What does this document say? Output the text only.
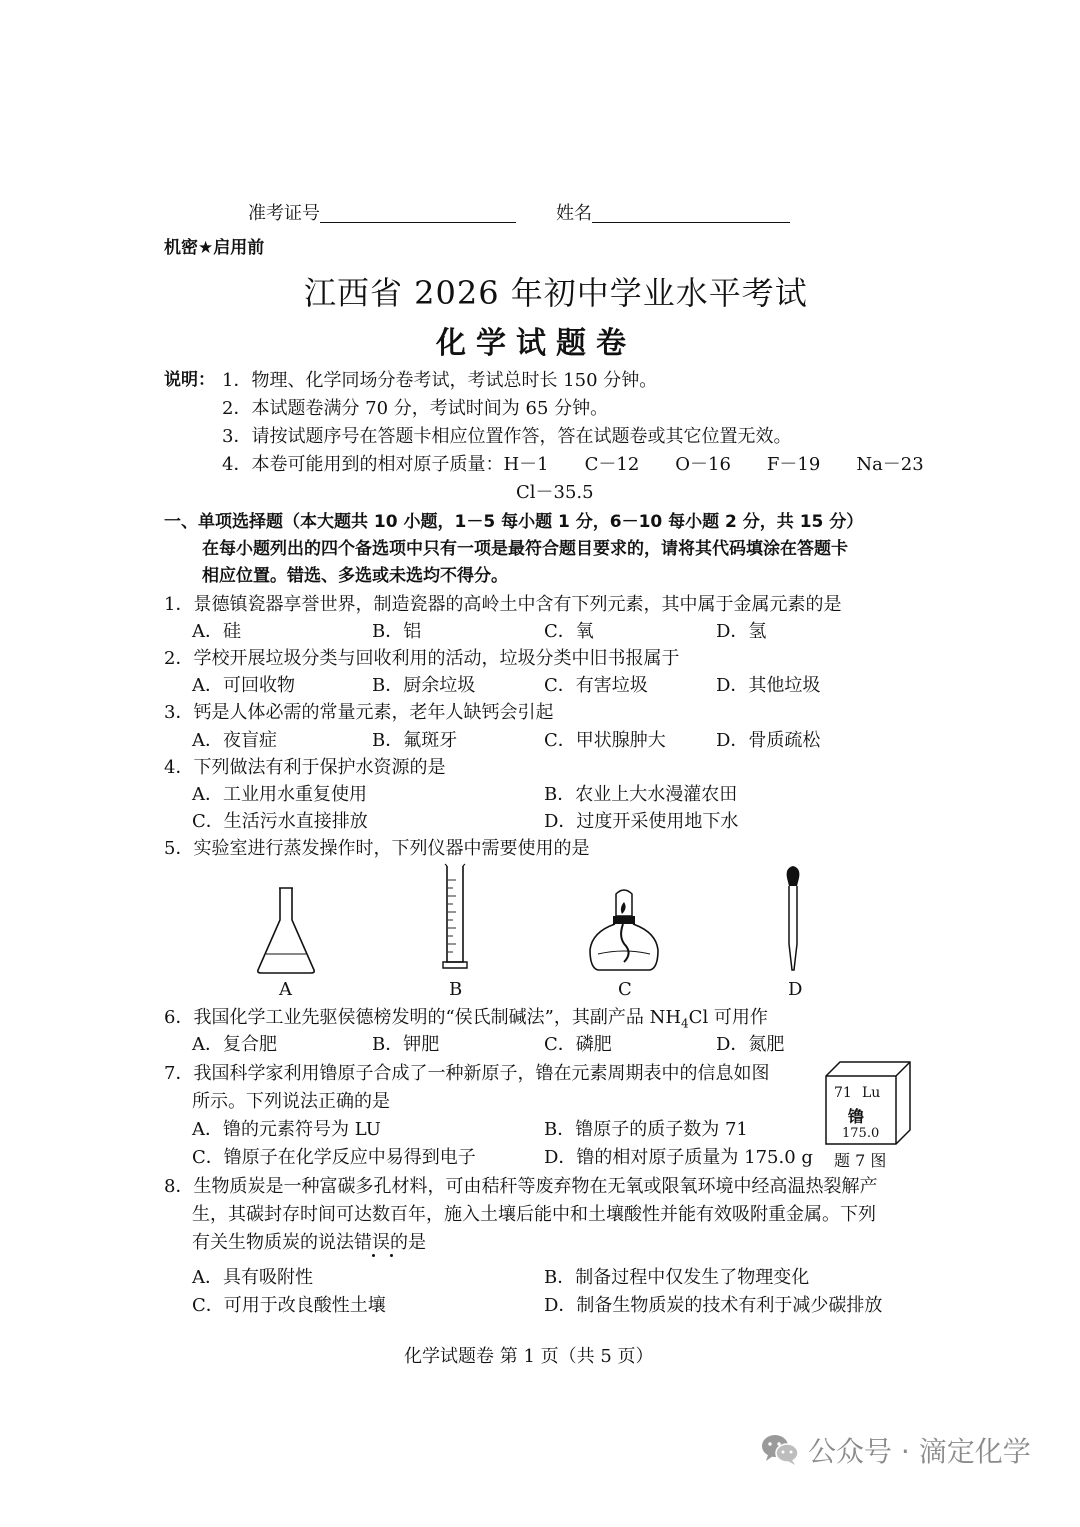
准考证号	姓名
机密★启用前
江西省 2026 年初中学业水平考试
化学试题卷
说明： 1．物理、化学同场分卷考试，考试总时长 150 分钟。
2．本试题卷满分 70 分，考试时间为 65 分钟。
3．请按试题序号在答题卡相应位置作答，答在试题卷或其它位置无效。
4．本卷可能用到的相对原子质量：H－1　　C－12　　O－16　　F－19　　Na－23
Cl－35.5
一、单项选择题（本大题共 10 小题，1－5 每小题 1 分，6－10 每小题 2 分，共 15 分）
在每小题列出的四个备选项中只有一项是最符合题目要求的，请将其代码填涂在答题卡
相应位置。错选、多选或未选均不得分。
1．景德镇瓷器享誉世界，制造瓷器的高岭土中含有下列元素，其中属于金属元素的是
A．硅	B．铝	C．氧	D．氢
2．学校开展垃圾分类与回收利用的活动，垃圾分类中旧书报属于
A．可回收物	B．厨余垃圾	C．有害垃圾	D．其他垃圾
3．钙是人体必需的常量元素，老年人缺钙会引起
A．夜盲症	B．氟斑牙	C．甲状腺肿大	D．骨质疏松
4．下列做法有利于保护水资源的是
A．工业用水重复使用	B．农业上大水漫灌农田
C．生活污水直接排放	D．过度开采使用地下水
5．实验室进行蒸发操作时，下列仪器中需要使用的是
A	B	C	D
6．我国化学工业先驱侯德榜发明的“侯氏制碱法”，其副产品 $NH_4Cl$ 可用作
A．复合肥	B．钾肥	C．磷肥	D．氮肥
7．我国科学家利用镥原子合成了一种新原子，镥在元素周期表中的信息如图
所示。下列说法正确的是
A．镥的元素符号为 LU	B．镥原子的质子数为 71
C．镥原子在化学反应中易得到电子	D．镥的相对原子质量为 175.0 g
71 Lu
镥
175.0
题 7 图
8．生物质炭是一种富碳多孔材料，可由秸秆等废弃物在无氧或限氧环境中经高温热裂解产
生，其碳封存时间可达数百年，施入土壤后能中和土壤酸性并能有效吸附重金属。下列
有关生物质炭的说法错误的是
A．具有吸附性	B．制备过程中仅发生了物理变化
C．可用于改良酸性土壤	D．制备生物质炭的技术有利于减少碳排放
化学试题卷 第 1 页（共 5 页）
公众号 · 滴定化学
